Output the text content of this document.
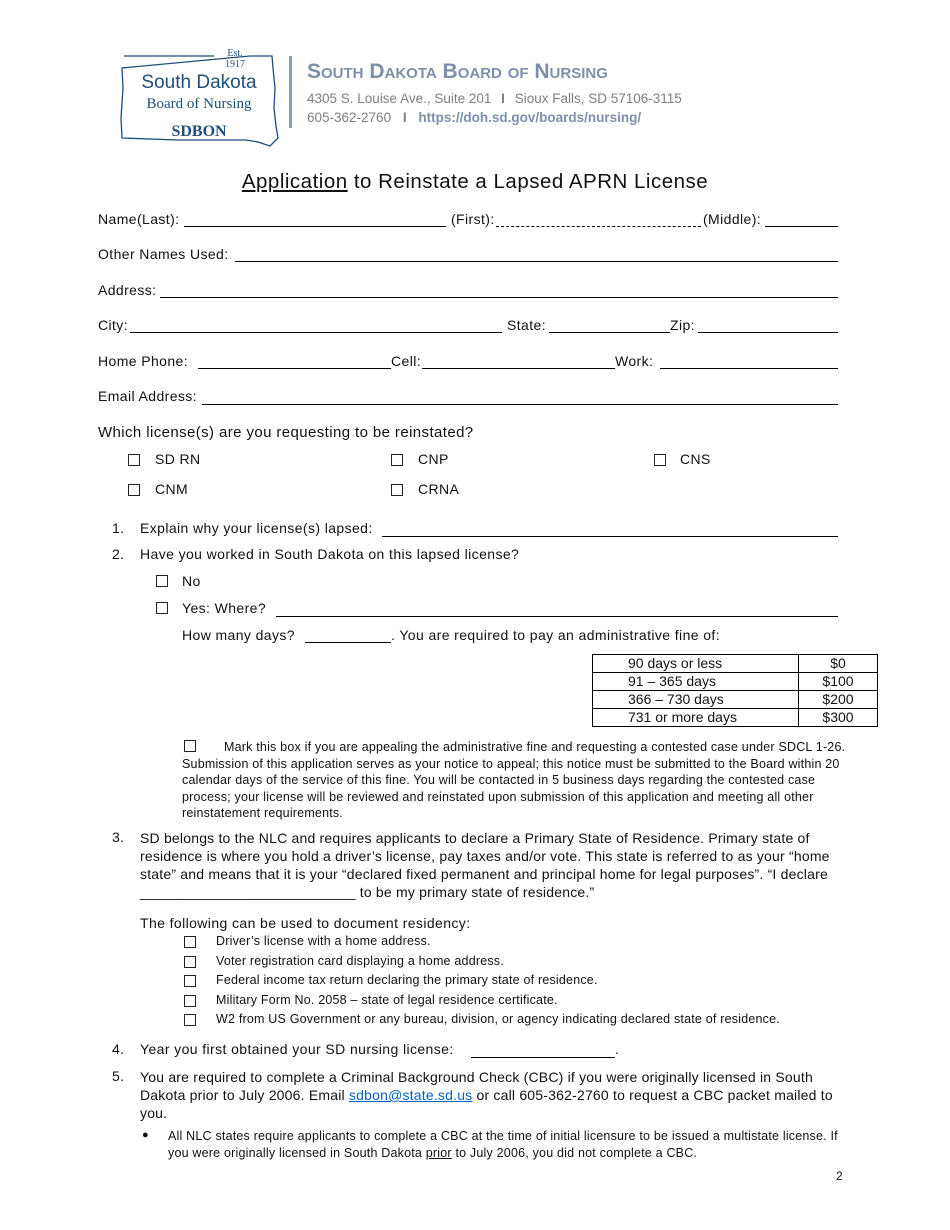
Est. 1917
South Dakota
Board of Nursing
SDBON
South Dakota Board of Nursing
4305 S. Louise Ave., Suite 201 I Sioux Falls, SD 57106-3115
605-362-2760 I https://doh.sd.gov/boards/nursing/
Application to Reinstate a Lapsed APRN License
Name(Last):	(First):	(Middle):
Other Names Used:
Address:
City:	State:	Zip:
Home Phone:	Cell:	Work:
Email Address:
Which license(s) are you requesting to be reinstated?
SD RN	CNP	CNS
CNM	CRNA
1. Explain why your license(s) lapsed:
2. Have you worked in South Dakota on this lapsed license?
No
Yes: Where?
How many days?	. You are required to pay an administrative fine of:
90 days or less	$0
91 – 365 days	$100
366 – 730 days	$200
731 or more days	$300
Mark this box if you are appealing the administrative fine and requesting a contested case under SDCL 1-26. Submission of this application serves as your notice to appeal; this notice must be submitted to the Board within 20 calendar days of the service of this fine. You will be contacted in 5 business days regarding the contested case process; your license will be reviewed and reinstated upon submission of this application and meeting all other reinstatement requirements.
3. SD belongs to the NLC and requires applicants to declare a Primary State of Residence. Primary state of residence is where you hold a driver’s license, pay taxes and/or vote. This state is referred to as your “home state” and means that it is your “declared fixed permanent and principal home for legal purposes”. “I declare ___________________________ to be my primary state of residence.”
The following can be used to document residency:
Driver’s license with a home address.
Voter registration card displaying a home address.
Federal income tax return declaring the primary state of residence.
Military Form No. 2058 – state of legal residence certificate.
W2 from US Government or any bureau, division, or agency indicating declared state of residence.
4. Year you first obtained your SD nursing license:	.
5. You are required to complete a Criminal Background Check (CBC) if you were originally licensed in South Dakota prior to July 2006. Email sdbon@state.sd.us or call 605-362-2760 to request a CBC packet mailed to you.
● All NLC states require applicants to complete a CBC at the time of initial licensure to be issued a multistate license. If you were originally licensed in South Dakota prior to July 2006, you did not complete a CBC.
2
